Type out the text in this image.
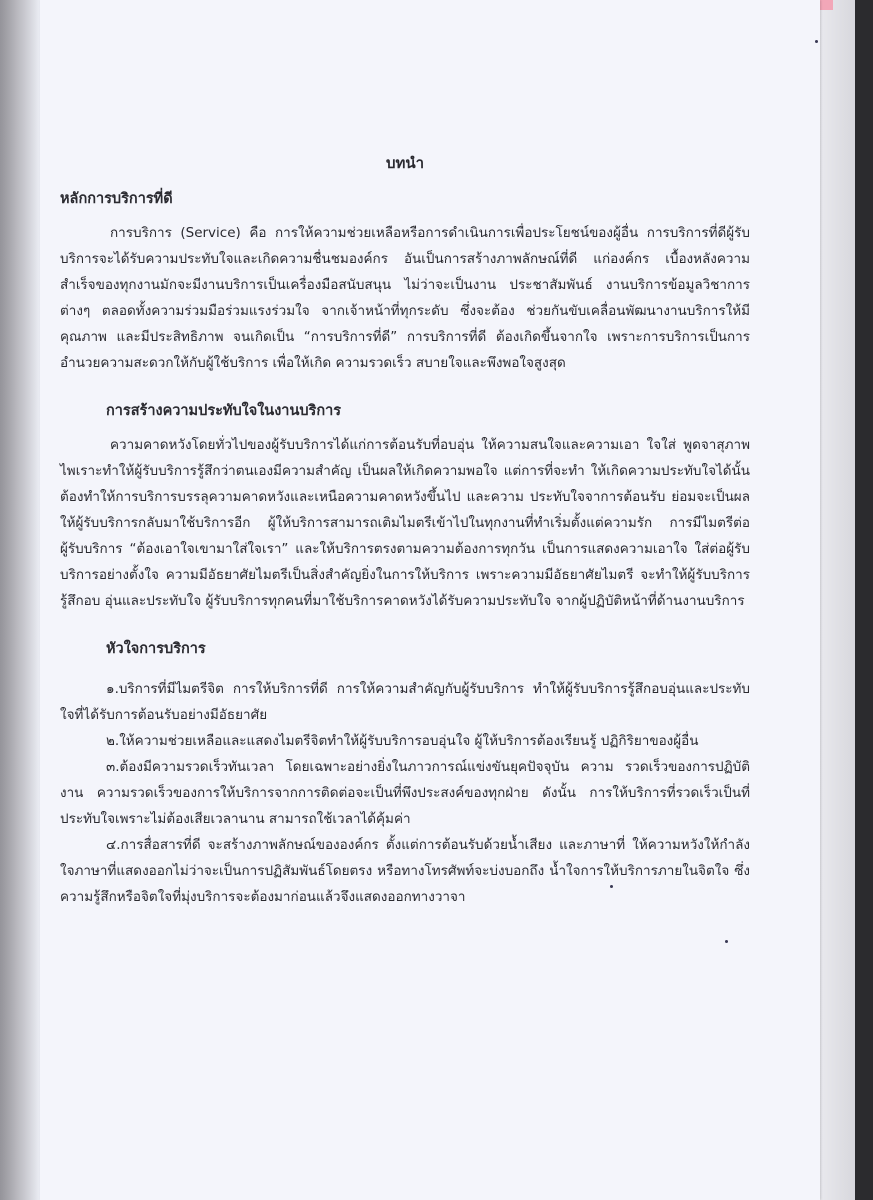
บทนำ

หลักการบริการที่ดี

การบริการ (Service) คือ การให้ความช่วยเหลือหรือการดำเนินการเพื่อประโยชน์ของผู้อื่น การบริการที่ดีผู้รับบริการจะได้รับความประทับใจและเกิดความชื่นชมองค์กร อันเป็นการสร้างภาพลักษณ์ที่ดี แก่องค์กร เบื้องหลังความสำเร็จของทุกงานมักจะมีงานบริการเป็นเครื่องมือสนับสนุน ไม่ว่าจะเป็นงาน ประชาสัมพันธ์ งานบริการข้อมูลวิชาการต่างๆ ตลอดทั้งความร่วมมือร่วมแรงร่วมใจ จากเจ้าหน้าที่ทุกระดับ ซึ่งจะต้อง ช่วยกันขับเคลื่อนพัฒนางานบริการให้มีคุณภาพ และมีประสิทธิภาพ จนเกิดเป็น “การบริการที่ดี” การบริการที่ดี ต้องเกิดขึ้นจากใจ เพราะการบริการเป็นการอำนวยความสะดวกให้กับผู้ใช้บริการ เพื่อให้เกิด ความรวดเร็ว สบายใจและพึงพอใจสูงสุด

การสร้างความประทับใจในงานบริการ

ความคาดหวังโดยทั่วไปของผู้รับบริการได้แก่การต้อนรับที่อบอุ่น ให้ความสนใจและความเอา ใจใส่ พูดจาสุภาพไพเราะทำให้ผู้รับบริการรู้สึกว่าตนเองมีความสำคัญ เป็นผลให้เกิดความพอใจ แต่การที่จะทำ ให้เกิดความประทับใจได้นั้น ต้องทำให้การบริการบรรลุความคาดหวังและเหนือความคาดหวังขึ้นไป และความ ประทับใจจาการต้อนรับ ย่อมจะเป็นผลให้ผู้รับบริการกลับมาใช้บริการอีก ผู้ให้บริการสามารถเติมไมตรีเข้าไปในทุกงานที่ทำเริ่มตั้งแต่ความรัก การมีไมตรีต่อ ผู้รับบริการ “ต้องเอาใจเขามาใส่ใจเรา” และให้บริการตรงตามความต้องการทุกวัน เป็นการแสดงความเอาใจ ใส่ต่อผู้รับบริการอย่างตั้งใจ ความมีอัธยาศัยไมตรีเป็นสิ่งสำคัญยิ่งในการให้บริการ เพราะความมีอัธยาศัยไมตรี จะทำให้ผู้รับบริการรู้สึกอบ อุ่นและประทับใจ ผู้รับบริการทุกคนที่มาใช้บริการคาดหวังได้รับความประทับใจ จากผู้ปฏิบัติหน้าที่ด้านงานบริการ

หัวใจการบริการ

๑.บริการที่มีไมตรีจิต การให้บริการที่ดี การให้ความสำคัญกับผู้รับบริการ ทำให้ผู้รับบริการรู้สึกอบอุ่นและประทับใจที่ได้รับการต้อนรับอย่างมีอัธยาศัย

๒.ให้ความช่วยเหลือและแสดงไมตรีจิตทำให้ผู้รับบริการอบอุ่นใจ ผู้ให้บริการต้องเรียนรู้ ปฏิกิริยาของผู้อื่น

๓.ต้องมีความรวดเร็วทันเวลา โดยเฉพาะอย่างยิ่งในภาวการณ์แข่งขันยุคปัจจุบัน ความ รวดเร็วของการปฏิบัติงาน ความรวดเร็วของการให้บริการจากการติดต่อจะเป็นที่พึงประสงค์ของทุกฝ่าย ดังนั้น การให้บริการที่รวดเร็วเป็นที่ประทับใจเพราะไม่ต้องเสียเวลานาน สามารถใช้เวลาได้คุ้มค่า

๔.การสื่อสารที่ดี จะสร้างภาพลักษณ์ขององค์กร ตั้งแต่การต้อนรับด้วยน้ำเสียง และภาษาที่ ให้ความหวังให้กำลังใจภาษาที่แสดงออกไม่ว่าจะเป็นการปฏิสัมพันธ์โดยตรง หรือทางโทรศัพท์จะบ่งบอกถึง น้ำใจการให้บริการภายในจิตใจ ซึ่งความรู้สึกหรือจิตใจที่มุ่งบริการจะต้องมาก่อนแล้วจึงแสดงออกทางวาจา
